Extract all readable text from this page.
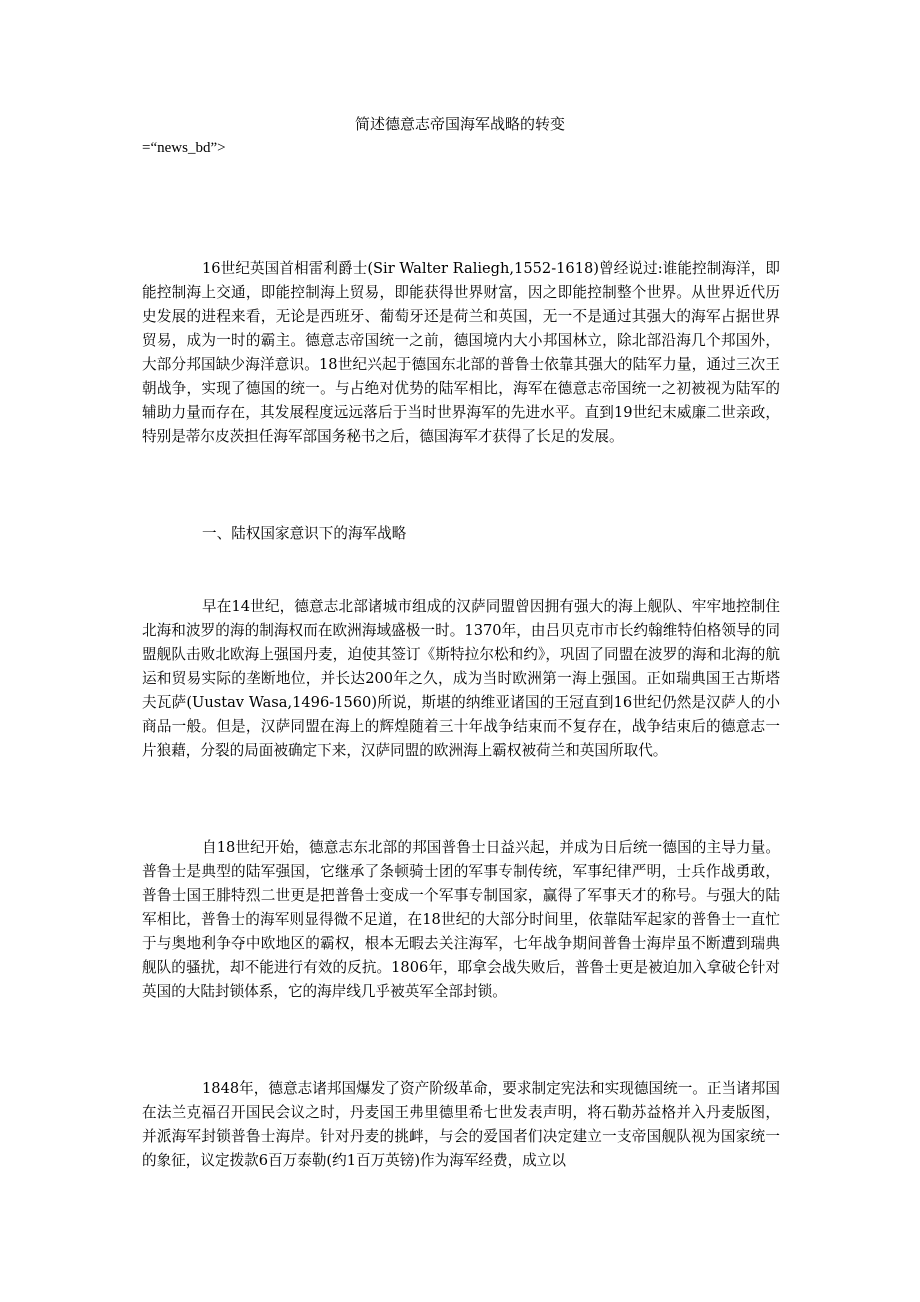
简述德意志帝国海军战略的转变
=“news_bd”>

16世纪英国首相雷利爵士(Sir Walter Raliegh,1552-1618)曾经说过:谁能控制海洋，即能控制海上交通，即能控制海上贸易，即能获得世界财富，因之即能控制整个世界。从世界近代历史发展的进程来看，无论是西班牙、葡萄牙还是荷兰和英国，无一不是通过其强大的海军占据世界贸易，成为一时的霸主。德意志帝国统一之前，德国境内大小邦国林立，除北部沿海几个邦国外，大部分邦国缺少海洋意识。18世纪兴起于德国东北部的普鲁士依靠其强大的陆军力量，通过三次王朝战争，实现了德国的统一。与占绝对优势的陆军相比，海军在德意志帝国统一之初被视为陆军的辅助力量而存在，其发展程度远远落后于当时世界海军的先进水平。直到19世纪末威廉二世亲政，特别是蒂尔皮茨担任海军部国务秘书之后，德国海军才获得了长足的发展。

一、陆权国家意识下的海军战略

早在14世纪，德意志北部诸城市组成的汉萨同盟曾因拥有强大的海上舰队、牢牢地控制住北海和波罗的海的制海权而在欧洲海域盛极一时。1370年，由吕贝克市市长约翰维特伯格领导的同盟舰队击败北欧海上强国丹麦，迫使其签订《斯特拉尔松和约》，巩固了同盟在波罗的海和北海的航运和贸易实际的垄断地位，并长达200年之久，成为当时欧洲第一海上强国。正如瑞典国王古斯塔夫瓦萨(Uustav Wasa,1496-1560)所说，斯堪的纳维亚诸国的王冠直到16世纪仍然是汉萨人的小商品一般。但是，汉萨同盟在海上的辉煌随着三十年战争结束而不复存在，战争结束后的德意志一片狼藉，分裂的局面被确定下来，汉萨同盟的欧洲海上霸权被荷兰和英国所取代。

自18世纪开始，德意志东北部的邦国普鲁士日益兴起，并成为日后统一德国的主导力量。普鲁士是典型的陆军强国，它继承了条顿骑士团的军事专制传统，军事纪律严明，士兵作战勇敢，普鲁士国王腓特烈二世更是把普鲁士变成一个军事专制国家，赢得了军事天才的称号。与强大的陆军相比，普鲁士的海军则显得微不足道，在18世纪的大部分时间里，依靠陆军起家的普鲁士一直忙于与奥地利争夺中欧地区的霸权，根本无暇去关注海军，七年战争期间普鲁士海岸虽不断遭到瑞典舰队的骚扰，却不能进行有效的反抗。1806年，耶拿会战失败后，普鲁士更是被迫加入拿破仑针对英国的大陆封锁体系，它的海岸线几乎被英军全部封锁。

1848年，德意志诸邦国爆发了资产阶级革命，要求制定宪法和实现德国统一。正当诸邦国在法兰克福召开国民会议之时，丹麦国王弗里德里希七世发表声明，将石勒苏益格并入丹麦版图，并派海军封锁普鲁士海岸。针对丹麦的挑衅，与会的爱国者们决定建立一支帝国舰队视为国家统一的象征，议定拨款6百万泰勒(约1百万英镑)作为海军经费，成立以
